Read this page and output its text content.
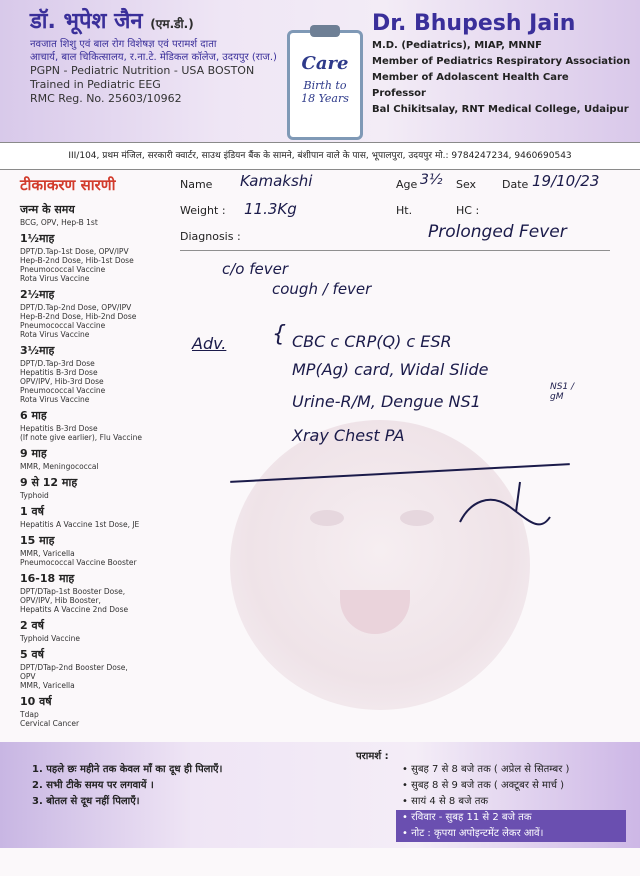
डॉ. भूपेश जैन (एम.डी.)
नवजात शिशु एवं बाल रोग विशेषज्ञ एवं परामर्श दाता
आचार्य, बाल चिकित्सालय, र.ना.टे. मेडिकल कॉलेज, उदयपुर (राज.)
PGPN - Pediatric Nutrition - USA BOSTON
Trained in Pediatric EEG
RMC Reg. No. 25603/10962
Care
Birth to
18 Years
Dr. Bhupesh Jain
M.D. (Pediatrics), MIAP, MNNF
Member of Pediatrics Respiratory Association
Member of Adolascent Health Care
Professor
Bal Chikitsalay, RNT Medical College, Udaipur
III/104, प्रथम मंजिल, सरकारी क्वार्टर, साउथ इंडियन बैंक के सामने, बंशीपान वाले के पास, भूपालपुरा, उदयपुर मो.: 9784247234, 9460690543
टीकाकरण सारणी
जन्म के समय
BCG, OPV, Hep-B 1st
1½माह
DPT/D.Tap-1st Dose, OPV/IPV
Hep-B-2nd Dose, Hib-1st Dose
Pneumococcal Vaccine
Rota Virus Vaccine
2½माह
DPT/D.Tap-2nd Dose, OPV/IPV
Hep-B-2nd Dose, Hib-2nd Dose
Pneumococcal Vaccine
Rota Virus Vaccine
3½माह
DPT/D.Tap-3rd Dose
Hepatitis B-3rd Dose
OPV/IPV, Hib-3rd Dose
Pneumococcal Vaccine
Rota Virus Vaccine
6 माह
Hepatitis B-3rd Dose
(If note give earlier), Flu Vaccine
9 माह
MMR, Meningococcal
9 से 12 माह
Typhoid
1 वर्ष
Hepatitis A Vaccine 1st Dose, JE
15 माह
MMR, Varicella
Pneumococcal Vaccine Booster
16-18 माह
DPT/DTap-1st Booster Dose,
OPV/IPV, Hib Booster,
Hepatits A Vaccine 2nd Dose
2 वर्ष
Typhoid Vaccine
5 वर्ष
DPT/DTap-2nd Booster Dose,
OPV
MMR, Varicella
10 वर्ष
Tdap
Cervical Cancer
Name Kamakshi	Age 3½ Sex Date 19/10/23
Weight : 11.3Kg	Ht.	HC :
Diagnosis :	Prolonged Fever
c/o fever
cough / fever
Adv. { CBC c CRP(Q) c ESR
MP(Ag) card, Widal Slide
Urine-R/M, Dengue NS1
NS1 / gM
Xray Chest PA
1. पहले छः महीने तक केवल माँ का दूध ही पिलाएँ।
2. सभी टीके समय पर लगवायें ।
3. बोतल से दूध नहीं पिलाएँ।
परामर्श :
• सुबह 7 से 8 बजे तक ( अप्रेल से सितम्बर )
• सुबह 8 से 9 बजे तक ( अक्टूबर से मार्च )
• सायं 4 से 8 बजे तक
• रविवार - सुबह 11 से 2 बजे तक
• नोट : कृपया अपोइन्टमेंट लेकर आवें।
